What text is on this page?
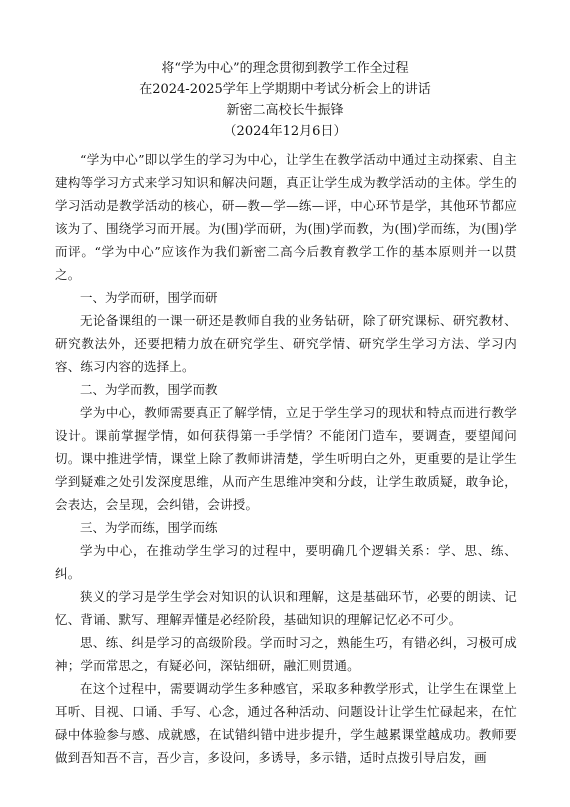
将“学为中心”的理念贯彻到教学工作全过程
在2024-2025学年上学期期中考试分析会上的讲话
新密二高校长牛振锋
（2024年12月6日）

“学为中心”即以学生的学习为中心，让学生在教学活动中通过主动探索、自主建构等学习方式来学习知识和解决问题，真正让学生成为教学活动的主体。学生的学习活动是教学活动的核心，研—教—学—练—评，中心环节是学，其他环节都应该为了、围绕学习而开展。为(围)学而研，为(围)学而教，为(围)学而练，为(围)学而评。“学为中心”应该作为我们新密二高今后教育教学工作的基本原则并一以贯之。

一、为学而研，围学而研

无论备课组的一课一研还是教师自我的业务钻研，除了研究课标、研究教材、研究教法外，还要把精力放在研究学生、研究学情、研究学生学习方法、学习内容、练习内容的选择上。

二、为学而教，围学而教

学为中心，教师需要真正了解学情，立足于学生学习的现状和特点而进行教学设计。课前掌握学情，如何获得第一手学情？不能闭门造车，要调查，要望闻问切。课中推进学情，课堂上除了教师讲清楚，学生听明白之外，更重要的是让学生学到疑难之处引发深度思维，从而产生思维冲突和分歧，让学生敢质疑，敢争论，会表达，会呈现，会纠错，会讲授。

三、为学而练，围学而练

学为中心，在推动学生学习的过程中，要明确几个逻辑关系：学、思、练、纠。

狭义的学习是学生学会对知识的认识和理解，这是基础环节，必要的朗读、记忆、背诵、默写、理解弄懂是必经阶段，基础知识的理解记忆必不可少。

思、练、纠是学习的高级阶段。学而时习之，熟能生巧，有错必纠，习极可成神；学而常思之，有疑必问，深钻细研，融汇则贯通。

在这个过程中，需要调动学生多种感官，采取多种教学形式，让学生在课堂上耳听、目视、口诵、手写、心念，通过各种活动、问题设计让学生忙碌起来，在忙碌中体验参与感、成就感，在试错纠错中进步提升，学生越累课堂越成功。教师要做到吾知吾不言，吾少言，多设问，多诱导，多示错，适时点拨引导启发，画
